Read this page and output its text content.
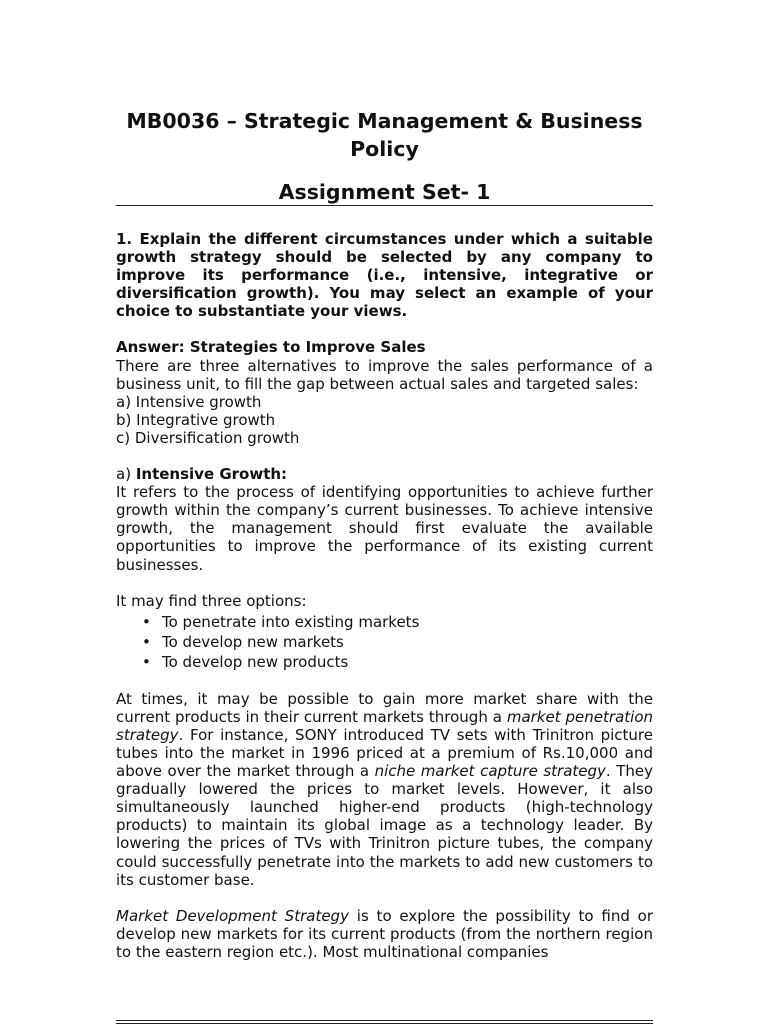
MB0036 – Strategic Management & Business Policy
Assignment Set- 1

1. Explain the different circumstances under which a suitable growth strategy should be selected by any company to improve its performance (i.e., intensive, integrative or diversification growth). You may select an example of your choice to substantiate your views.

Answer: Strategies to Improve Sales

There are three alternatives to improve the sales performance of a business unit, to fill the gap between actual sales and targeted sales:

a) Intensive growth

b) Integrative growth

c) Diversification growth

a) Intensive Growth:

It refers to the process of identifying opportunities to achieve further growth within the company’s current businesses. To achieve intensive growth, the management should first evaluate the available opportunities to improve the performance of its existing current businesses.

It may find three options:

• To penetrate into existing markets
• To develop new markets
• To develop new products

At times, it may be possible to gain more market share with the current products in their current markets through a market penetration strategy. For instance, SONY introduced TV sets with Trinitron picture tubes into the market in 1996 priced at a premium of Rs.10,000 and above over the market through a niche market capture strategy. They gradually lowered the prices to market levels. However, it also simultaneously launched higher-end products (high-technology products) to maintain its global image as a technology leader. By lowering the prices of TVs with Trinitron picture tubes, the company could successfully penetrate into the markets to add new customers to its customer base.

Market Development Strategy is to explore the possibility to find or develop new markets for its current products (from the northern region to the eastern region etc.). Most multinational companies
